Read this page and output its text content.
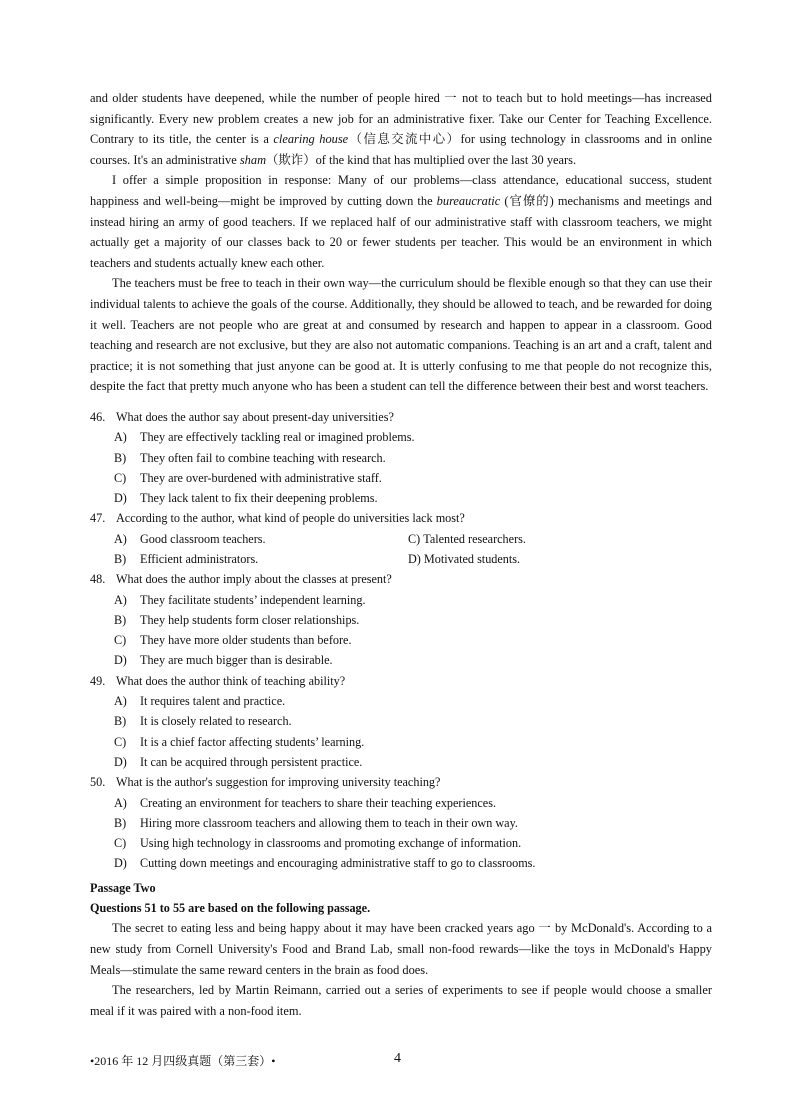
and older students have deepened, while the number of people hired 一 not to teach but to hold meetings—has increased significantly. Every new problem creates a new job for an administrative fixer. Take our Center for Teaching Excellence. Contrary to its title, the center is a clearing house（信息交流中心）for using technology in classrooms and in online courses. It's an administrative sham（欺诈）of the kind that has multiplied over the last 30 years.

I offer a simple proposition in response: Many of our problems—class attendance, educational success, student happiness and well-being—might be improved by cutting down the bureaucratic (官僚的) mechanisms and meetings and instead hiring an army of good teachers. If we replaced half of our administrative staff with classroom teachers, we might actually get a majority of our classes back to 20 or fewer students per teacher. This would be an environment in which teachers and students actually knew each other.

The teachers must be free to teach in their own way—the curriculum should be flexible enough so that they can use their individual talents to achieve the goals of the course. Additionally, they should be allowed to teach, and be rewarded for doing it well. Teachers are not people who are great at and consumed by research and happen to appear in a classroom. Good teaching and research are not exclusive, but they are also not automatic companions. Teaching is an art and a craft, talent and practice; it is not something that just anyone can be good at. It is utterly confusing to me that people do not recognize this, despite the fact that pretty much anyone who has been a student can tell the difference between their best and worst teachers.

46. What does the author say about present-day universities?

A)	They are effectively tackling real or imagined problems.
B)	They often fail to combine teaching with research.
C)	They are over-burdened with administrative staff.
D)	They lack talent to fix their deepening problems.

47. According to the author, what kind of people do universities lack most?

A)	Good classroom teachers.	C)
Talented researchers.
B)	Efficient administrators.	D)
Motivated students.

48. What does the author imply about the classes at present?

A)	They facilitate students’ independent learning.
B)	They help students form closer relationships.
C)	They have more older students than before.
D)	They are much bigger than is desirable.

49. What does the author think of teaching ability?

A)	It requires talent and practice.
B)	It is closely related to research.
C)	It is a chief factor affecting students’ learning.
D)	It can be acquired through persistent practice.

50. What is the author's suggestion for improving university teaching?

A)	Creating an environment for teachers to share their teaching experiences.
B)	Hiring more classroom teachers and allowing them to teach in their own way.
C)	Using high technology in classrooms and promoting exchange of information.
D)	Cutting down meetings and encouraging administrative staff to go to classrooms.

Passage Two

Questions 51 to 55 are based on the following passage.

The secret to eating less and being happy about it may have been cracked years ago 一 by McDonald's. According to a new study from Cornell University's Food and Brand Lab, small non-food rewards—like the toys in McDonald's Happy Meals—stimulate the same reward centers in the brain as food does.

The researchers, led by Martin Reimann, carried out a series of experiments to see if people would choose a smaller meal if it was paired with a non-food item.

•2016 年 12 月四级真题（第三套）•	4
